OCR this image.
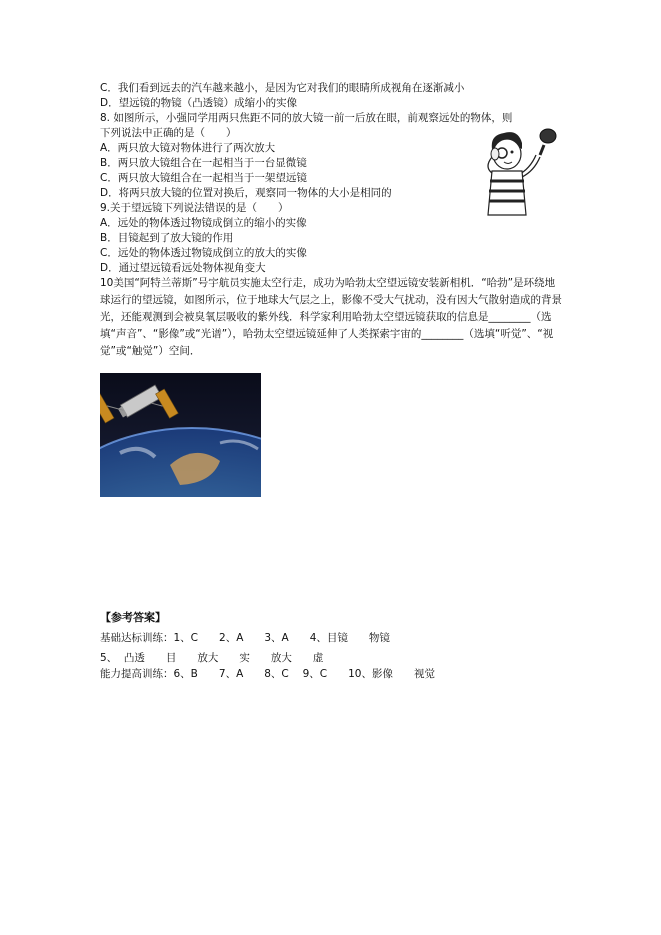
C．我们看到远去的汽车越来越小，是因为它对我们的眼睛所成视角在逐渐减小
D．望远镜的物镜（凸透镜）成缩小的实像
8. 如图所示，小强同学用两只焦距不同的放大镜一前一后放在眼，前观察远处的物体，则
下列说法中正确的是（　　）
A．两只放大镜对物体进行了两次放大
B．两只放大镜组合在一起相当于一台显微镜
C．两只放大镜组合在一起相当于一架望远镜
D．将两只放大镜的位置对换后，观察同一物体的大小是相同的
9.关于望远镜下列说法错误的是（　　）
A．远处的物体透过物镜成倒立的缩小的实像
B．目镜起到了放大镜的作用
C．远处的物体透过物镜成倒立的放大的实像
D．通过望远镜看远处物体视角变大
10美国“阿特兰蒂斯”号宇航员实施太空行走，成功为哈勃太空望远镜安装新相机．“哈勃”是环绕地球运行的望远镜，如图所示，位于地球大气层之上，影像不受大气扰动，没有因大气散射造成的背景光，还能观测到会被臭氧层吸收的紫外线．科学家利用哈勃太空望远镜获取的信息是________（选填“声音”、“影像”或“光谱”），哈勃太空望远镜延伸了人类探索宇宙的________（选填“听觉”、“视觉”或“触觉”）空间．
【参考答案】
基础达标训练：1、C　　2、A　　3、A　　4、目镜　　物镜
5、  凸透　　目　　放大　　实　　放大　　虚
能力提高训练：6、B　　7、A　　8、C　 9、C　　10、影像　　视觉
